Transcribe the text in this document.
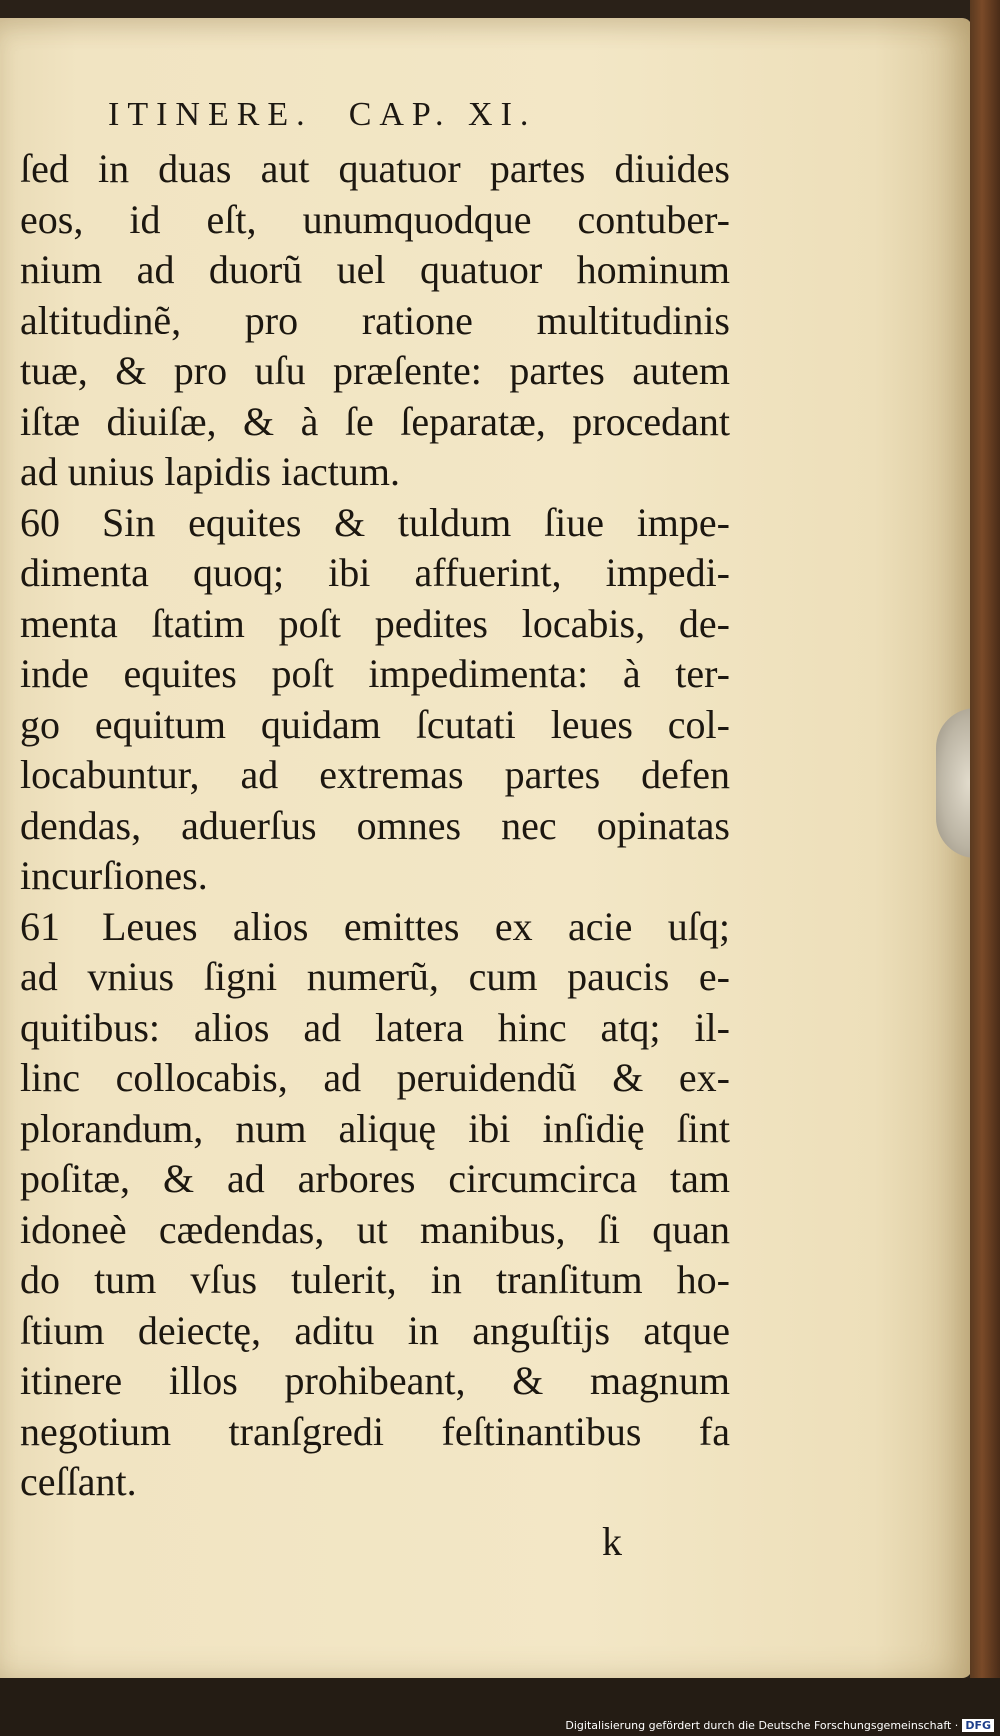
ITINERE. CAP. XI.
ſed in duas aut quatuor partes diuides
eos, id eſt, unumquodque contuber-
nium ad duorũ uel quatuor hominum
altitudinẽ, pro ratione multitudinis
tuæ, & pro uſu præſente: partes autem
iſtæ diuiſæ, & à ſe ſeparatæ, procedant
ad unius lapidis iactum.
60 Sin equites & tuldum ſiue impe-
dimenta quoq; ibi affuerint, impedi-
menta ſtatim poſt pedites locabis, de-
inde equites poſt impedimenta: à ter-
go equitum quidam ſcutati leues col-
locabuntur, ad extremas partes defen
dendas, aduerſus omnes nec opinatas
incurſiones.
61 Leues alios emittes ex acie uſq;
ad vnius ſigni numerũ, cum paucis e-
quitibus: alios ad latera hinc atq; il-
linc collocabis, ad peruidendũ & ex-
plorandum, num aliquę ibi inſidię ſint
poſitæ, & ad arbores circumcirca tam
idoneè cædendas, ut manibus, ſi quan
do tum vſus tulerit, in tranſitum ho-
ſtium deiectę, aditu in anguſtijs atque
itinere illos prohibeant, & magnum
negotium tranſgredi feſtinantibus fa
ceſſant.
k
Digitalisierung gefördert durch die Deutsche Forschungsgemeinschaft · DFG
